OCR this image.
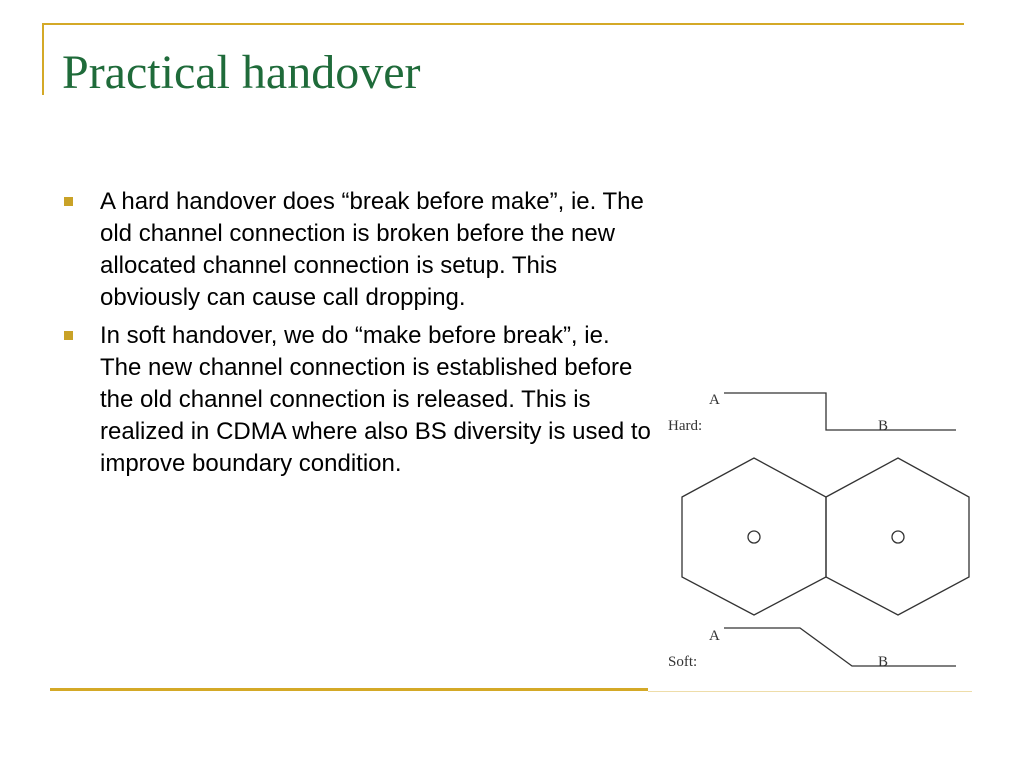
Practical handover
A hard handover does “break before make”, ie. The old channel connection is broken before the new allocated channel connection is setup. This obviously can cause call dropping.
In soft handover, we do “make before break”, ie. The new channel connection is established before the old channel connection is released. This is realized in CDMA where also BS diversity is used to improve boundary condition.
A
Hard:	B
A
Soft:	B
